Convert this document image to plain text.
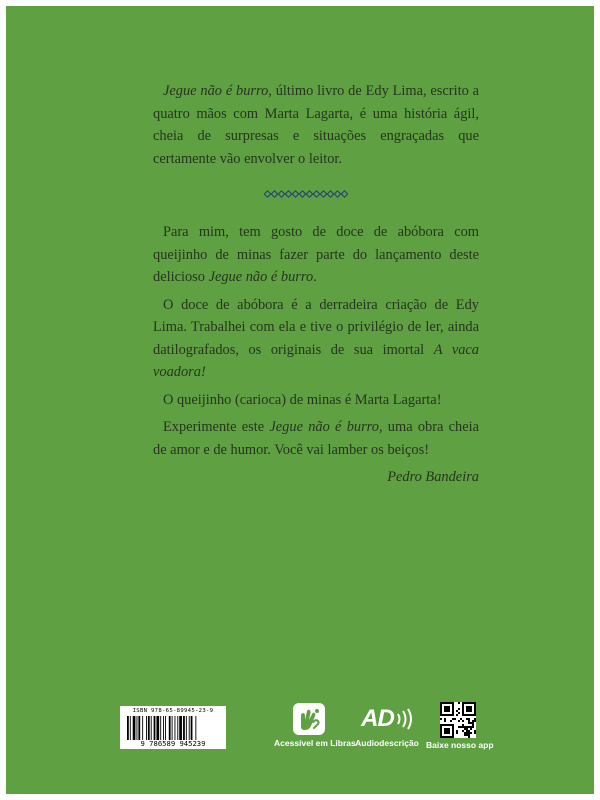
Jegue não é burro, último livro de Edy Lima, escrito a quatro mãos com Marta Lagarta, é uma história ágil, cheia de surpresas e situações engraçadas que certamente vão envolver o leitor.

Para mim, tem gosto de doce de abóbora com queijinho de minas fazer parte do lançamento deste delicioso Jegue não é burro.

O doce de abóbora é a derradeira criação de Edy Lima. Trabalhei com ela e tive o privilégio de ler, ainda datilografados, os originais de sua imortal A vaca voadora!

O queijinho (carioca) de minas é Marta Lagarta!

Experimente este Jegue não é burro, uma obra cheia de amor e de humor. Você vai lamber os beiços!

Pedro Bandeira

ISBN 978-65-89945-23-9
9 786589 945239	Acessível em Libras
AD
Audiodescrição Baixe nosso app
